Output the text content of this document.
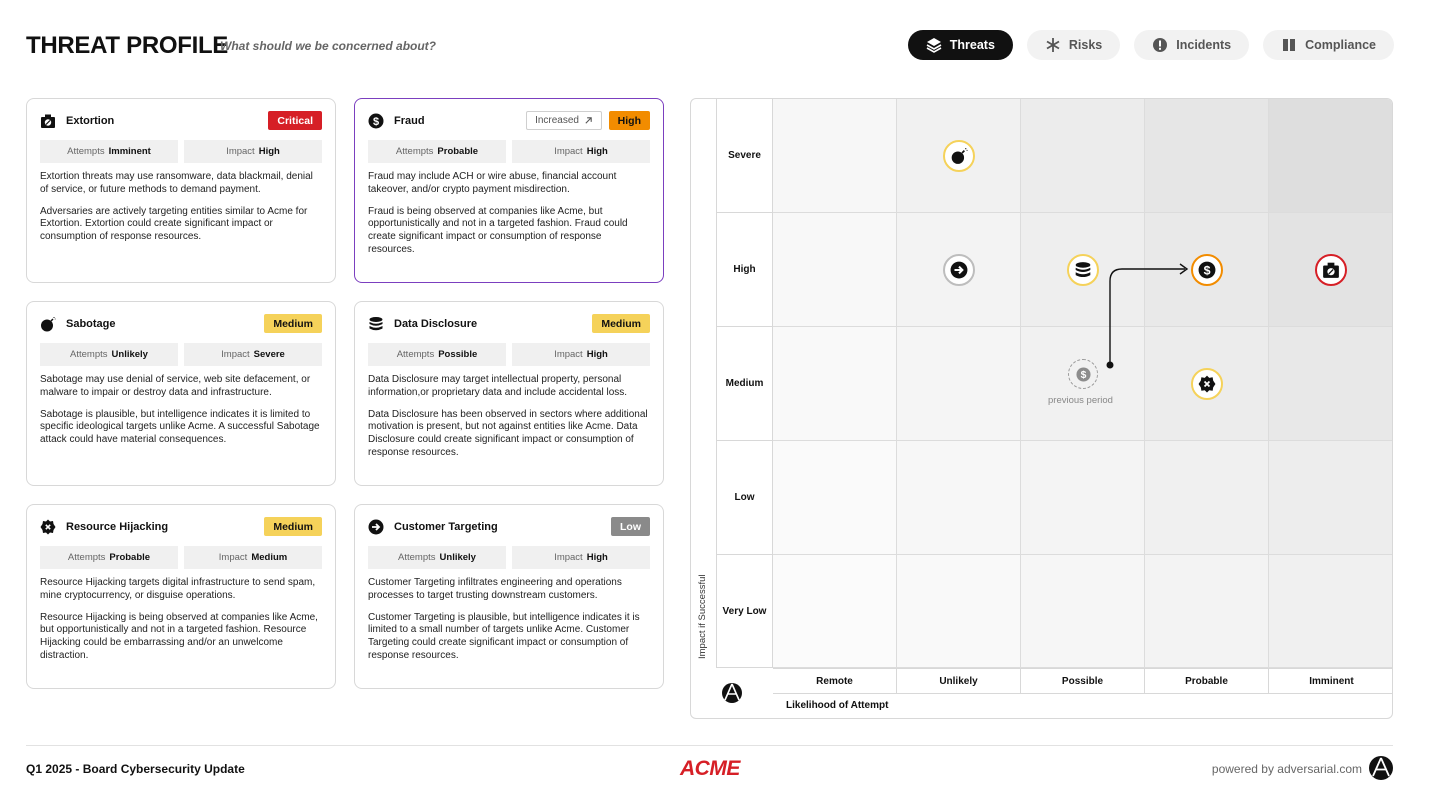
THREAT PROFILE
What should we be concerned about?	Threats	Risks	Incidents	Compliance
Extortion	Critical
Attempts Imminent	Impact High

Extortion threats may use ransomware, data blackmail, denial of service, or future methods to demand payment.

Adversaries are actively targeting entities similar to Acme for Extortion. Extortion could create significant impact or consumption of response resources.

$ Fraud	Increased	High
Attempts Probable	Impact High

Fraud may include ACH or wire abuse, financial account takeover, and/or crypto payment misdirection.

Fraud is being observed at companies like Acme, but opportunistically and not in a targeted fashion. Fraud could create significant impact or consumption of response resources.

Sabotage	Medium
Attempts Unlikely	Impact Severe

Sabotage may use denial of service, web site defacement, or malware to impair or destroy data and infrastructure.

Sabotage is plausible, but intelligence indicates it is limited to specific ideological targets unlike Acme. A successful Sabotage attack could have material consequences.

Data Disclosure	Medium
Attempts Possible	Impact High

Data Disclosure may target intellectual property, personal information,or proprietary data and include accidental loss.

Data Disclosure has been observed in sectors where additional motivation is present, but not against entities like Acme. Data Disclosure could create significant impact or consumption of response resources.

Resource Hijacking	Medium
Attempts Probable	Impact Medium

Resource Hijacking targets digital infrastructure to send spam, mine cryptocurrency, or disguise operations.

Resource Hijacking is being observed at companies like Acme, but opportunistically and not in a targeted fashion. Resource Hijacking could be embarrassing and/or an unwelcome distraction.

Customer Targeting	Low
Attempts Unlikely	Impact High

Customer Targeting infiltrates engineering and operations processes to target trusting downstream customers.

Customer Targeting is plausible, but intelligence indicates it is limited to a small number of targets unlike Acme. Customer Targeting could create significant impact or consumption of response resources.	Impact if Successful
Severe
High
Medium
Low
Very Low
Remote	Unlikely	Possible	Probable	Imminent
Likelihood of Attempt
$
$
previous period
Q1 2025 - Board Cybersecurity Update	ACME	powered by adversarial.com
